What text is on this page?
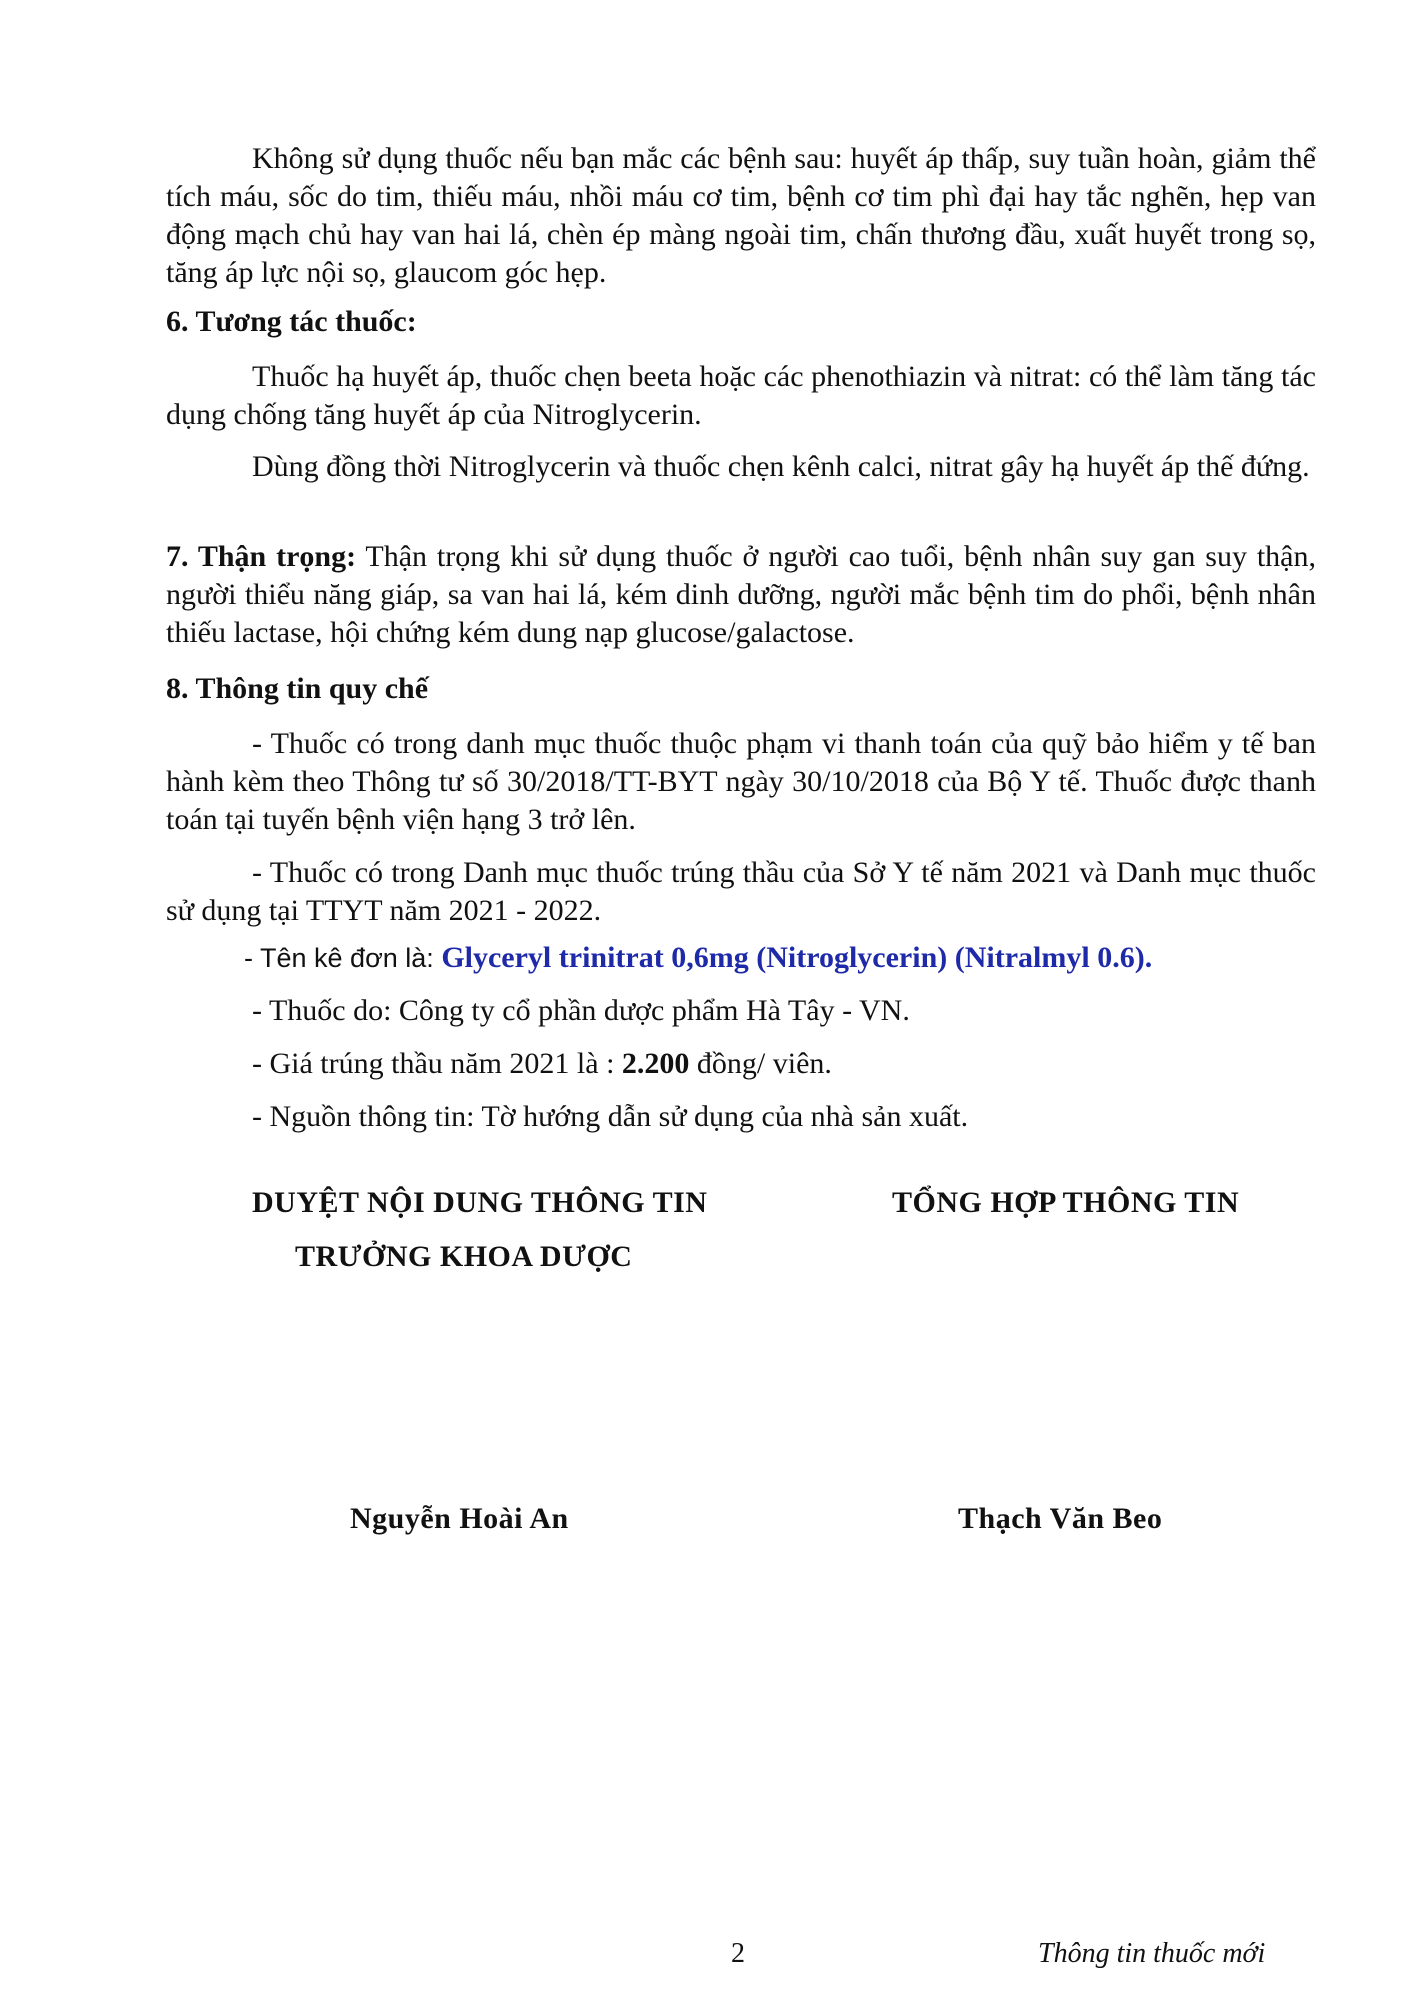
Không sử dụng thuốc nếu bạn mắc các bệnh sau: huyết áp thấp, suy tuần hoàn, giảm thể tích máu, sốc do tim, thiếu máu, nhồi máu cơ tim, bệnh cơ tim phì đại hay tắc nghẽn, hẹp van động mạch chủ hay van hai lá, chèn ép màng ngoài tim, chấn thương đầu, xuất huyết trong sọ, tăng áp lực nội sọ, glaucom góc hẹp.

6. Tương tác thuốc:

Thuốc hạ huyết áp, thuốc chẹn beeta hoặc các phenothiazin và nitrat: có thể làm tăng tác dụng chống tăng huyết áp của Nitroglycerin.

Dùng đồng thời Nitroglycerin và thuốc chẹn kênh calci, nitrat gây hạ huyết áp thế đứng.

7. Thận trọng: Thận trọng khi sử dụng thuốc ở người cao tuổi, bệnh nhân suy gan suy thận, người thiểu năng giáp, sa van hai lá, kém dinh dưỡng, người mắc bệnh tim do phổi, bệnh nhân thiếu lactase, hội chứng kém dung nạp glucose/galactose.

8. Thông tin quy chế

- Thuốc có trong danh mục thuốc thuộc phạm vi thanh toán của quỹ bảo hiểm y tế ban hành kèm theo Thông tư số 30/2018/TT-BYT ngày 30/10/2018 của Bộ Y tế. Thuốc được thanh toán tại tuyến bệnh viện hạng 3 trở lên.

- Thuốc có trong Danh mục thuốc trúng thầu của Sở Y tế năm 2021 và Danh mục thuốc sử dụng tại TTYT năm 2021 - 2022.

- Tên kê đơn là: Glyceryl trinitrat 0,6mg (Nitroglycerin) (Nitralmyl 0.6).

- Thuốc do: Công ty cổ phần dược phẩm Hà Tây - VN.

- Giá trúng thầu năm 2021 là : 2.200 đồng/ viên.

- Nguồn thông tin: Tờ hướng dẫn sử dụng của nhà sản xuất.

DUYỆT NỘI DUNG THÔNG TIN

TRƯỞNG KHOA DƯỢC

TỔNG HỢP THÔNG TIN

Nguyễn Hoài An	Thạch Văn Beo

2	Thông tin thuốc mới
